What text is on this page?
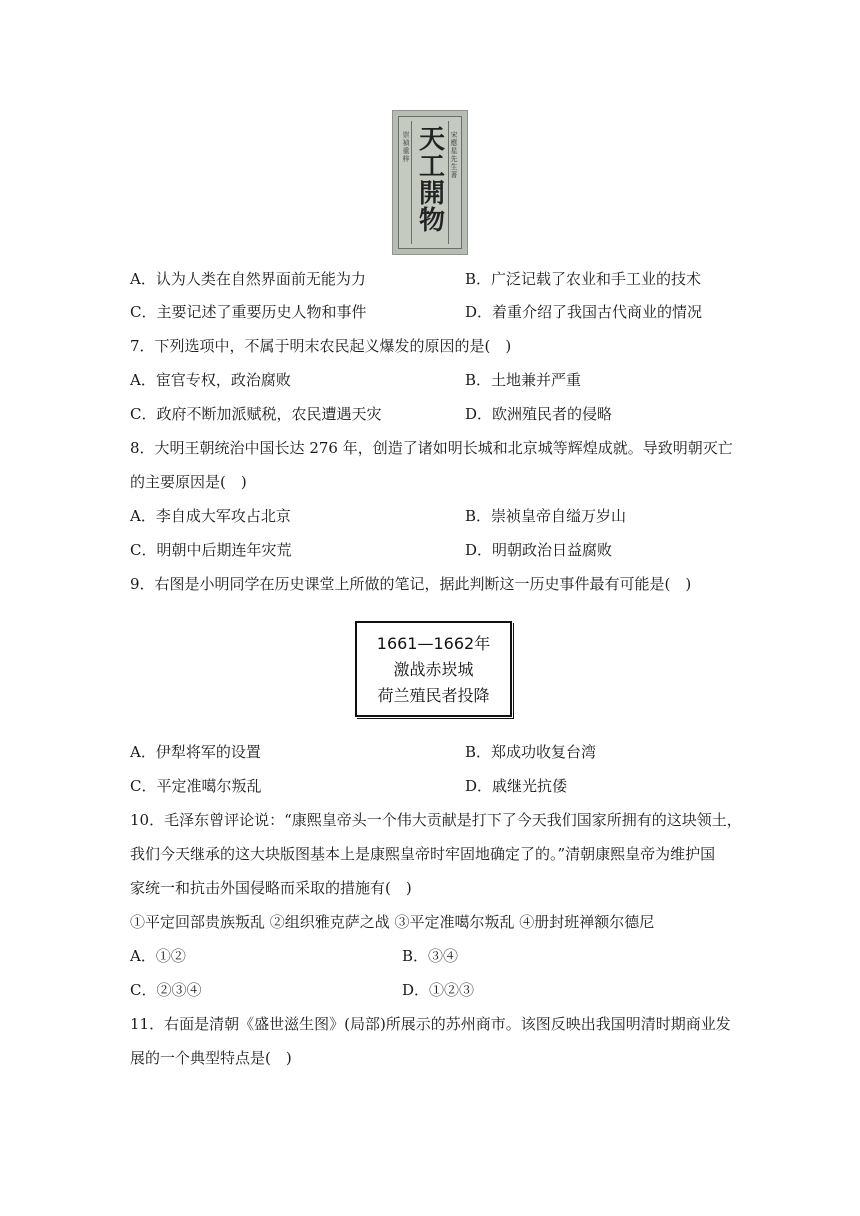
崇禎重梓 天工開物
宋應星先生著
A．认为人类在自然界面前无能为力	B．广泛记载了农业和手工业的技术
C．主要记述了重要历史人物和事件	D．着重介绍了我国古代商业的情况
7．下列选项中，不属于明末农民起义爆发的原因的是(　)
A．宦官专权，政治腐败	B．土地兼并严重
C．政府不断加派赋税，农民遭遇天灾	D．欧洲殖民者的侵略
8．大明王朝统治中国长达 276 年，创造了诸如明长城和北京城等辉煌成就。导致明朝灭亡
的主要原因是(　)
A．李自成大军攻占北京	B．崇祯皇帝自缢万岁山
C．明朝中后期连年灾荒	D．明朝政治日益腐败
9．右图是小明同学在历史课堂上所做的笔记，据此判断这一历史事件最有可能是(　)
1661—1662年
激战赤崁城
荷兰殖民者投降
A．伊犁将军的设置	B．郑成功收复台湾
C．平定准噶尔叛乱	D．戚继光抗倭
10．毛泽东曾评论说：“康熙皇帝头一个伟大贡献是打下了今天我们国家所拥有的这块领土，
我们今天继承的这大块版图基本上是康熙皇帝时牢固地确定了的。”清朝康熙皇帝为维护国
家统一和抗击外国侵略而采取的措施有(　)
①平定回部贵族叛乱 ②组织雅克萨之战 ③平定准噶尔叛乱 ④册封班禅额尔德尼
A．①②	B．③④
C．②③④	D．①②③
11．右面是清朝《盛世滋生图》(局部)所展示的苏州商市。该图反映出我国明清时期商业发
展的一个典型特点是(　)
